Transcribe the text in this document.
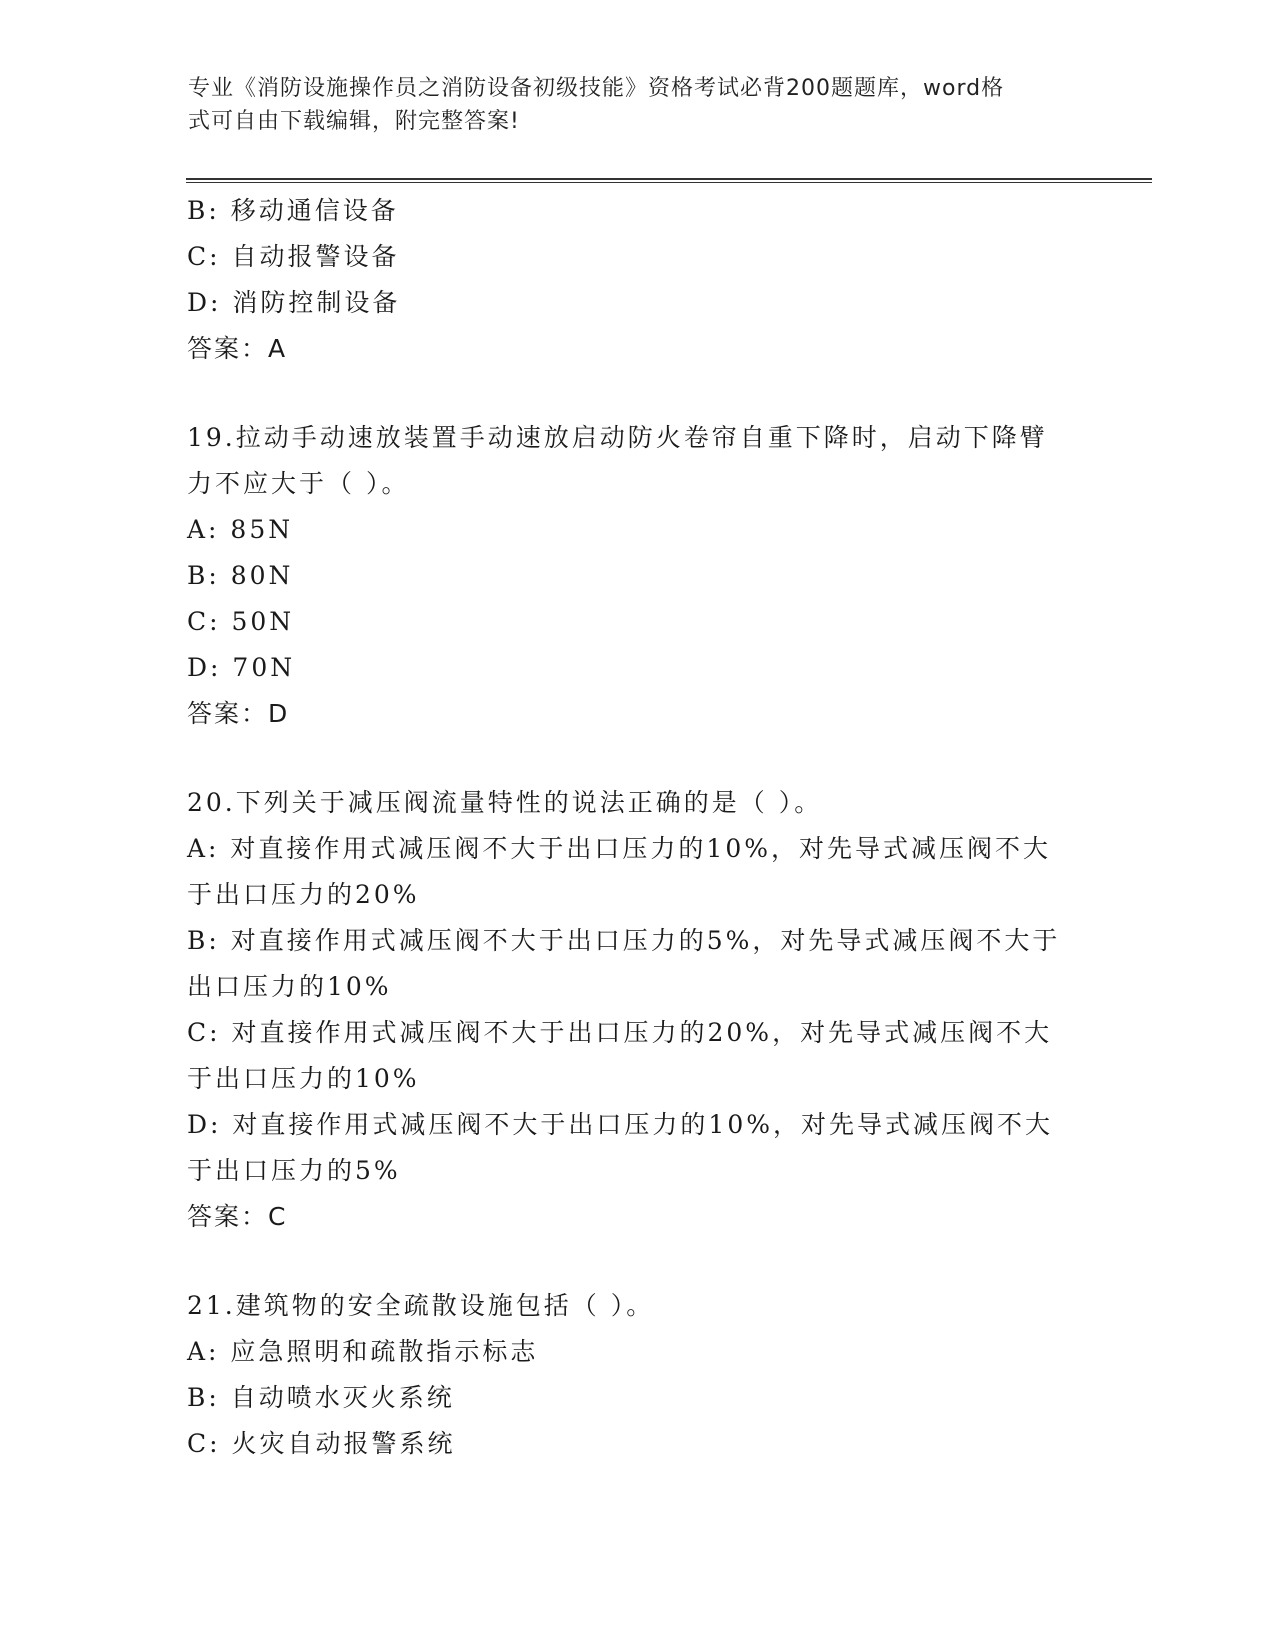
专业《消防设施操作员之消防设备初级技能》资格考试必背200题题库，word格
式可自由下载编辑，附完整答案!
B: 移动通信设备
C: 自动报警设备
D: 消防控制设备
答案：A
19.拉动手动速放装置手动速放启动防火卷帘自重下降时，启动下降臂
力不应大于（ ）。
A: 85N
B: 80N
C: 50N
D: 70N
答案：D
20.下列关于减压阀流量特性的说法正确的是（ ）。
A: 对直接作用式减压阀不大于出口压力的10%，对先导式减压阀不大
于出口压力的20%
B: 对直接作用式减压阀不大于出口压力的5%，对先导式减压阀不大于
出口压力的10%
C: 对直接作用式减压阀不大于出口压力的20%，对先导式减压阀不大
于出口压力的10%
D: 对直接作用式减压阀不大于出口压力的10%，对先导式减压阀不大
于出口压力的5%
答案：C
21.建筑物的安全疏散设施包括（ ）。
A: 应急照明和疏散指示标志
B: 自动喷水灭火系统
C: 火灾自动报警系统
